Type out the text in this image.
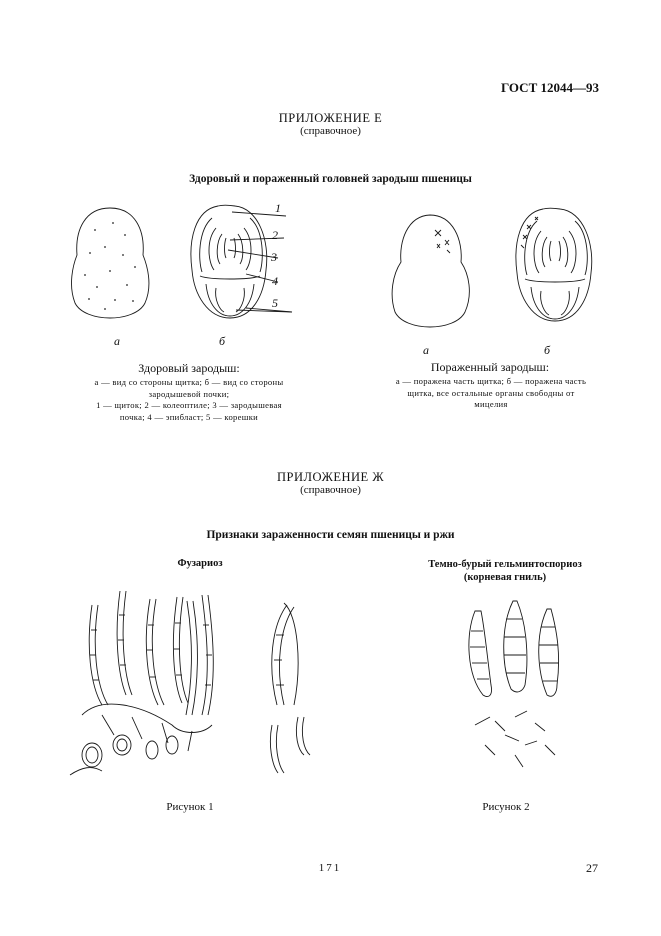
ГОСТ 12044—93
ПРИЛОЖЕНИЕ Е
(справочное)
Здоровый и пораженный головней зародыш пшеницы
1
2
3
4
5
а	б
Здоровый зародыш:
а — вид со стороны щитка; б — вид со стороны
зародышевой почки;
1 — щиток; 2 — колеоптиле; 3 — зародышевая
почка; 4 — эпибласт; 5 — корешки
а	б
Пораженный зародыш:
а — поражена часть щитка; б — поражена часть
щитка, все остальные органы свободны от
мицелия
ПРИЛОЖЕНИЕ Ж
(справочное)
Признаки зараженности семян пшеницы и ржи
Фузариоз	Темно-бурый гельминтоспориоз
(корневая гниль)
Рисунок 1	Рисунок 2
171	27
